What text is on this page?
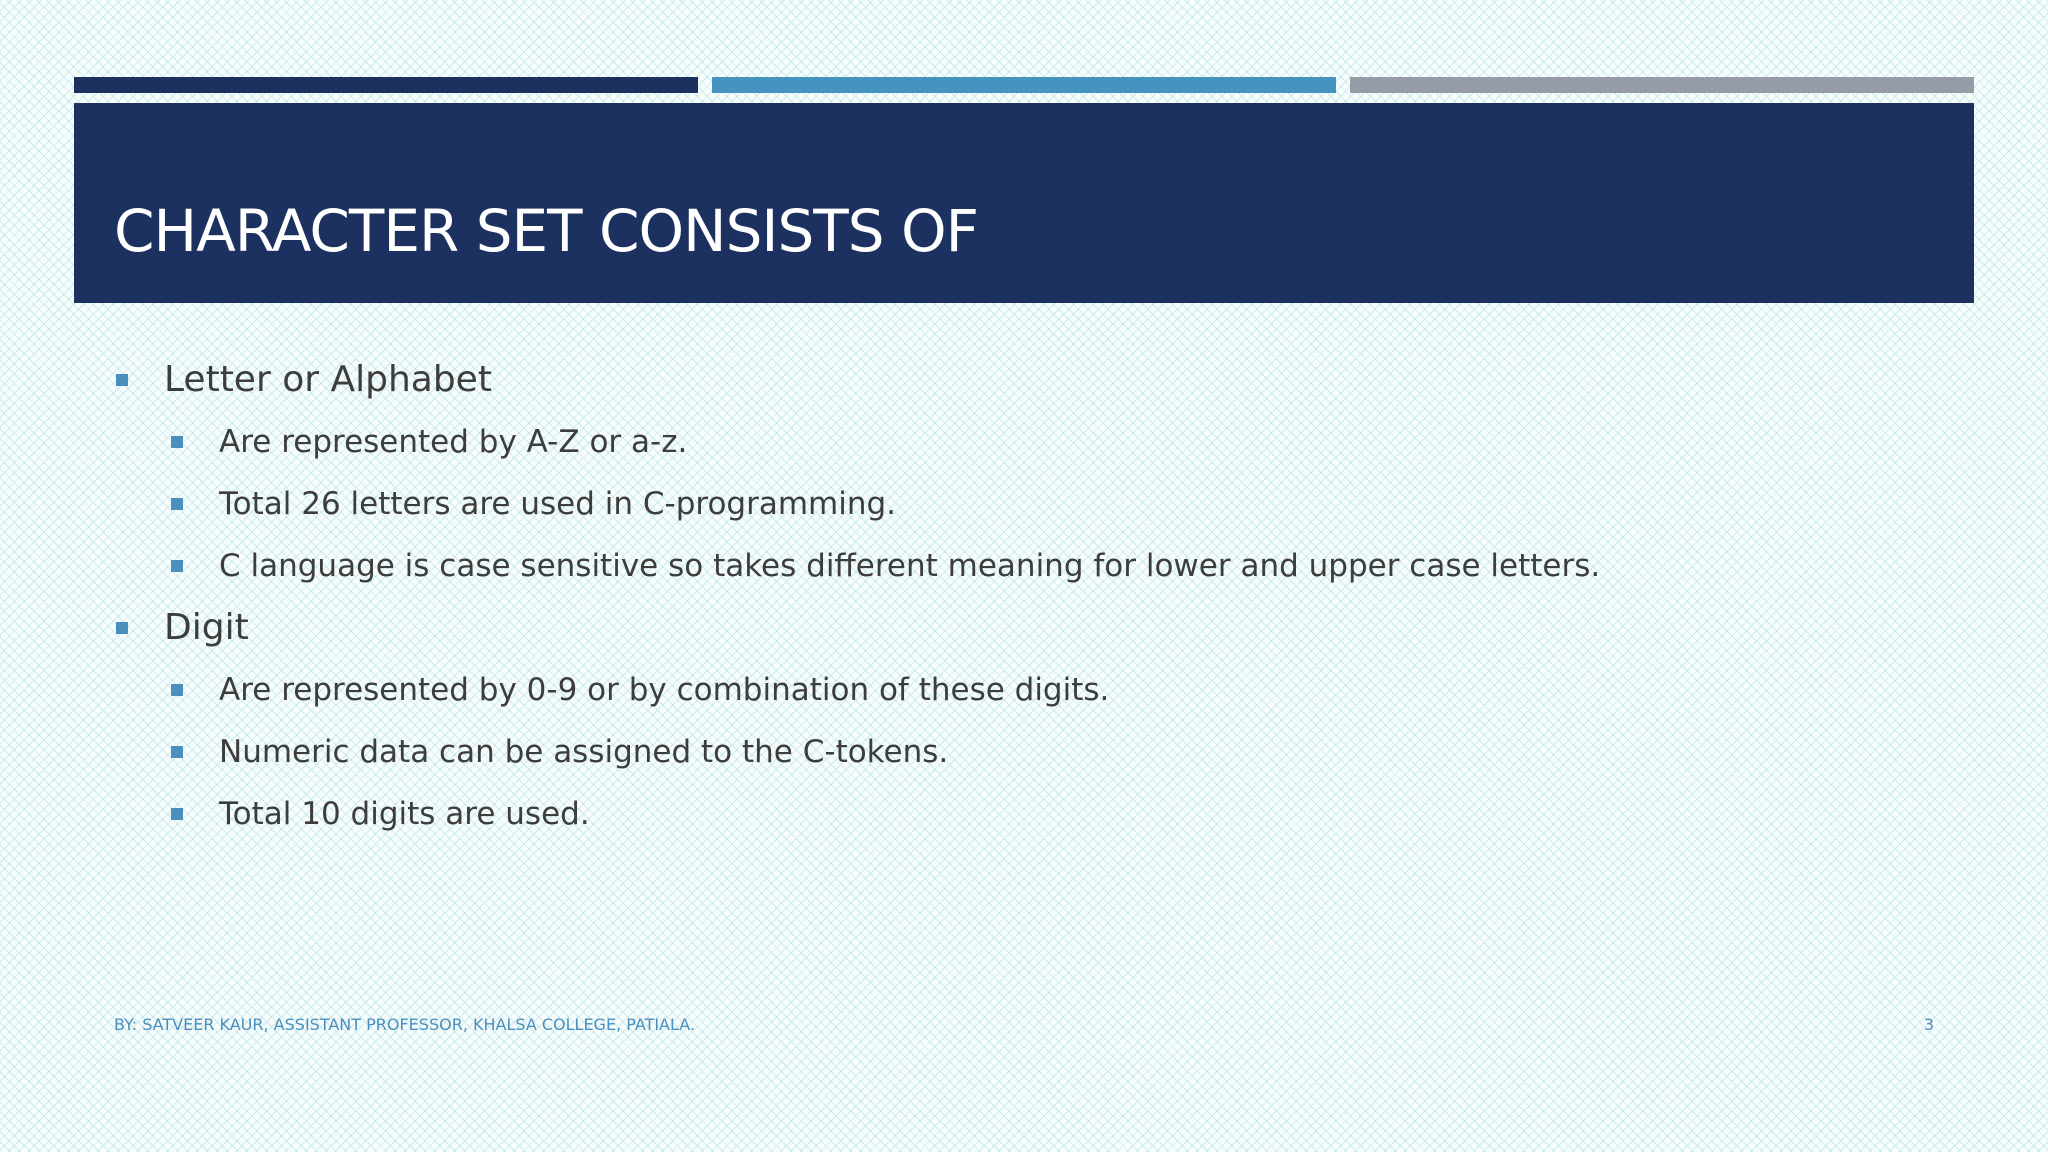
CHARACTER SET CONSISTS OF
Letter or Alphabet
Are represented by A-Z or a-z.
Total 26 letters are used in C-programming.
C language is case sensitive so takes different meaning for lower and upper case letters.
Digit
Are represented by 0-9 or by combination of these digits.
Numeric data can be assigned to the C-tokens.
Total 10 digits are used.
BY: SATVEER KAUR, ASSISTANT PROFESSOR, KHALSA COLLEGE, PATIALA.	3
